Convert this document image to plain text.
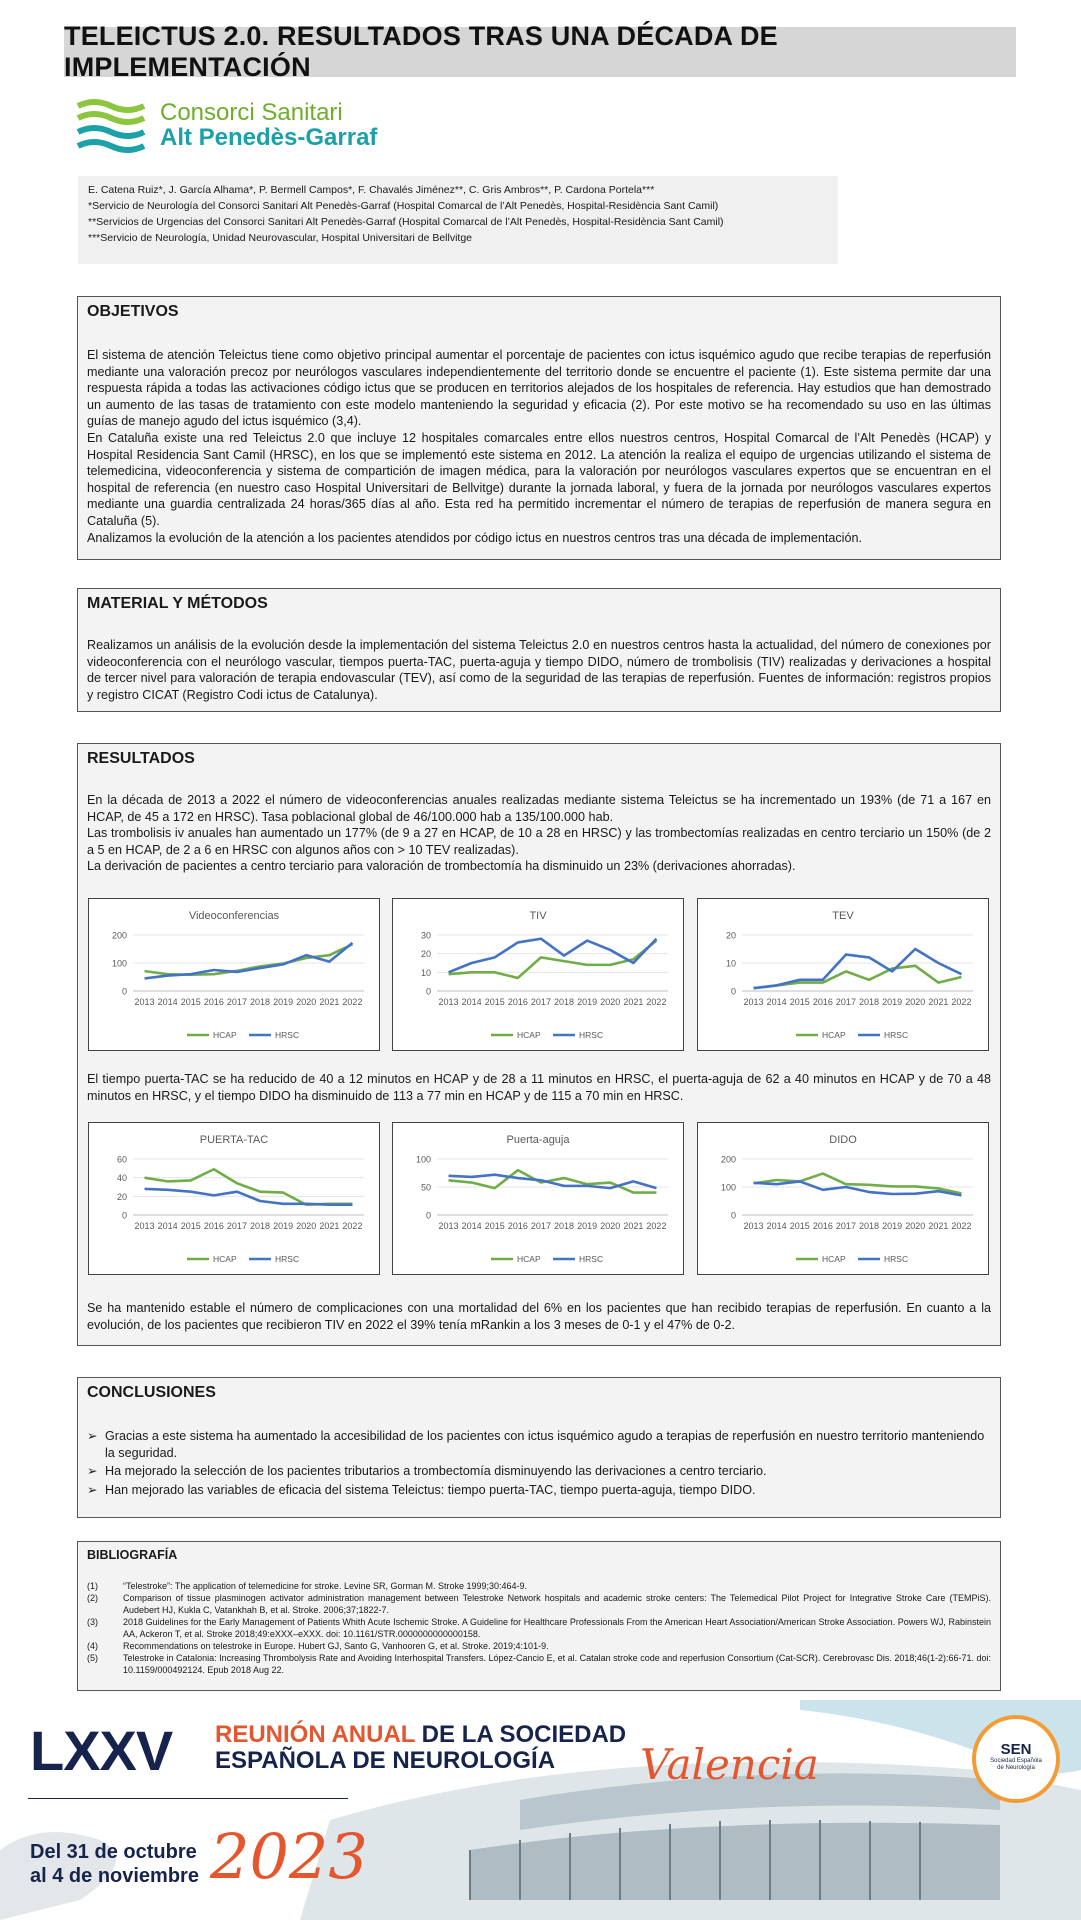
TELEICTUS 2.0. RESULTADOS TRAS UNA DÉCADA DE IMPLEMENTACIÓN
Consorci Sanitari
Alt Penedès-Garraf
E. Catena Ruiz*, J. García Alhama*, P. Bermell Campos*, F. Chavalés Jiménez**, C. Gris Ambros**, P. Cardona Portela***
*Servicio de Neurología del Consorci Sanitari Alt Penedès-Garraf (Hospital Comarcal de l’Alt Penedès, Hospital-Residència Sant Camil)
**Servicios de Urgencias del Consorci Sanitari Alt Penedès-Garraf (Hospital Comarcal de l’Alt Penedès, Hospital-Residència Sant Camil)
***Servicio de Neurología, Unidad Neurovascular, Hospital Universitari de Bellvitge
OBJETIVOS

El sistema de atención Teleictus tiene como objetivo principal aumentar el porcentaje de pacientes con ictus isquémico agudo que recibe terapias de reperfusión mediante una valoración precoz por neurólogos vasculares independientemente del territorio donde se encuentre el paciente (1). Este sistema permite dar una respuesta rápida a todas las activaciones código ictus que se producen en territorios alejados de los hospitales de referencia. Hay estudios que han demostrado un aumento de las tasas de tratamiento con este modelo manteniendo la seguridad y eficacia (2). Por este motivo se ha recomendado su uso en las últimas guías de manejo agudo del ictus isquémico (3,4).

En Cataluña existe una red Teleictus 2.0 que incluye 12 hospitales comarcales entre ellos nuestros centros, Hospital Comarcal de l’Alt Penedès (HCAP) y Hospital Residencia Sant Camil (HRSC), en los que se implementó este sistema en 2012. La atención la realiza el equipo de urgencias utilizando el sistema de telemedicina, videoconferencia y sistema de compartición de imagen médica, para la valoración por neurólogos vasculares expertos que se encuentran en el hospital de referencia (en nuestro caso Hospital Universitari de Bellvitge) durante la jornada laboral, y fuera de la jornada por neurólogos vasculares expertos mediante una guardia centralizada 24 horas/365 días al año. Esta red ha permitido incrementar el número de terapias de reperfusión de manera segura en Cataluña (5).

Analizamos la evolución de la atención a los pacientes atendidos por código ictus en nuestros centros tras una década de implementación.

MATERIAL Y MÉTODOS

Realizamos un análisis de la evolución desde la implementación del sistema Teleictus 2.0 en nuestros centros hasta la actualidad, del número de conexiones por videoconferencia con el neurólogo vascular, tiempos puerta-TAC, puerta-aguja y tiempo DIDO, número de trombolisis (TIV) realizadas y derivaciones a hospital de tercer nivel para valoración de terapia endovascular (TEV), así como de la seguridad de las terapias de reperfusión. Fuentes de información: registros propios y registro CICAT (Registro Codi ictus de Catalunya).

RESULTADOS

En la década de 2013 a 2022 el número de videoconferencias anuales realizadas mediante sistema Teleictus se ha incrementado un 193% (de 71 a 167 en HCAP, de 45 a 172 en HRSC). Tasa poblacional global de 46/100.000 hab a 135/100.000 hab.

Las trombolisis iv anuales han aumentado un 177% (de 9 a 27 en HCAP, de 10 a 28 en HRSC) y las trombectomías realizadas en centro terciario un 150% (de 2 a 5 en HCAP, de 2 a 6 en HRSC con algunos años con > 10 TEV realizadas).

La derivación de pacientes a centro terciario para valoración de trombectomía ha disminuido un 23% (derivaciones ahorradas).

El tiempo puerta-TAC se ha reducido de 40 a 12 minutos en HCAP y de 28 a 11 minutos en HRSC, el puerta-aguja de 62 a 40 minutos en HCAP y de 70 a 48 minutos en HRSC, y el tiempo DIDO ha disminuido de 113 a 77 min en HCAP y de 115 a 70 min en HRSC.

Se ha mantenido estable el número de complicaciones con una mortalidad del 6% en los pacientes que han recibido terapias de reperfusión. En cuanto a la evolución, de los pacientes que recibieron TIV en 2022 el 39% tenía mRankin a los 3 meses de 0-1 y el 47% de 0-2.

Videoconferencias
0
100
200
2013 2014 2015 2016 2017 2018 2019 2020 2021 2022
HCAP	HRSC
TIV
0
10
20
30
2013 2014 2015 2016 2017 2018 2019 2020 2021 2022
HCAP	HRSC
TEV
0
10
20
2013 2014 2015 2016 2017 2018 2019 2020 2021 2022
HCAP	HRSC
PUERTA-TAC
0
20
40
60
2013 2014 2015 2016 2017 2018 2019 2020 2021 2022
HCAP	HRSC
Puerta-aguja
0
50
100
2013 2014 2015 2016 2017 2018 2019 2020 2021 2022
HCAP	HRSC
DIDO
0
100
200
2013 2014 2015 2016 2017 2018 2019 2020 2021 2022
HCAP	HRSC
CONCLUSIONES
➢ Gracias a este sistema ha aumentado la accesibilidad de los pacientes con ictus isquémico agudo a terapias de reperfusión en nuestro territorio manteniendo la seguridad.
➢ Ha mejorado la selección de los pacientes tributarios a trombectomía disminuyendo las derivaciones a centro terciario.
➢ Han mejorado las variables de eficacia del sistema Teleictus: tiempo puerta-TAC, tiempo puerta-aguja, tiempo DIDO.
BIBLIOGRAFÍA
(1)	“Telestroke”: The application of telemedicine for stroke. Levine SR, Gorman M. Stroke 1999;30:464-9.
(2)	Comparison of tissue plasminogen activator administration management between Telestroke Network hospitals and academic stroke centers: The Telemedical Pilot Project for Integrative Stroke Care (TEMPiS). Audebert HJ, Kukla C, Vatankhah B, et al. Stroke. 2006;37;1822-7.
(3)	2018 Guidelines for the Early Management of Patients Whith Acute Ischemic Stroke. A Guideline for Healthcare Professionals From the American Heart Association/American Stroke Association. Powers WJ, Rabinstein AA, Ackeron T, et al. Stroke 2018;49:eXXX–eXXX. doi: 10.1161/STR.0000000000000158.
(4)	Recommendations on telestroke in Europe. Hubert GJ, Santo G, Vanhooren G, et al. Stroke. 2019;4:101-9.
(5)	Telestroke in Catalonia: Increasing Thrombolysis Rate and Avoiding Interhospital Transfers. López-Cancio E, et al. Catalan stroke code and reperfusion Consortium (Cat-SCR). Cerebrovasc Dis. 2018;46(1-2):66-71. doi: 10.1159/000492124. Epub 2018 Aug 22.
LXXV REUNIÓN ANUAL DE LA SOCIEDAD
ESPAÑOLA DE NEUROLOGÍA
Del 31 de octubre
al 4 de noviembre 2023
Valencia	SEN
Sociedad Española
de Neurología
